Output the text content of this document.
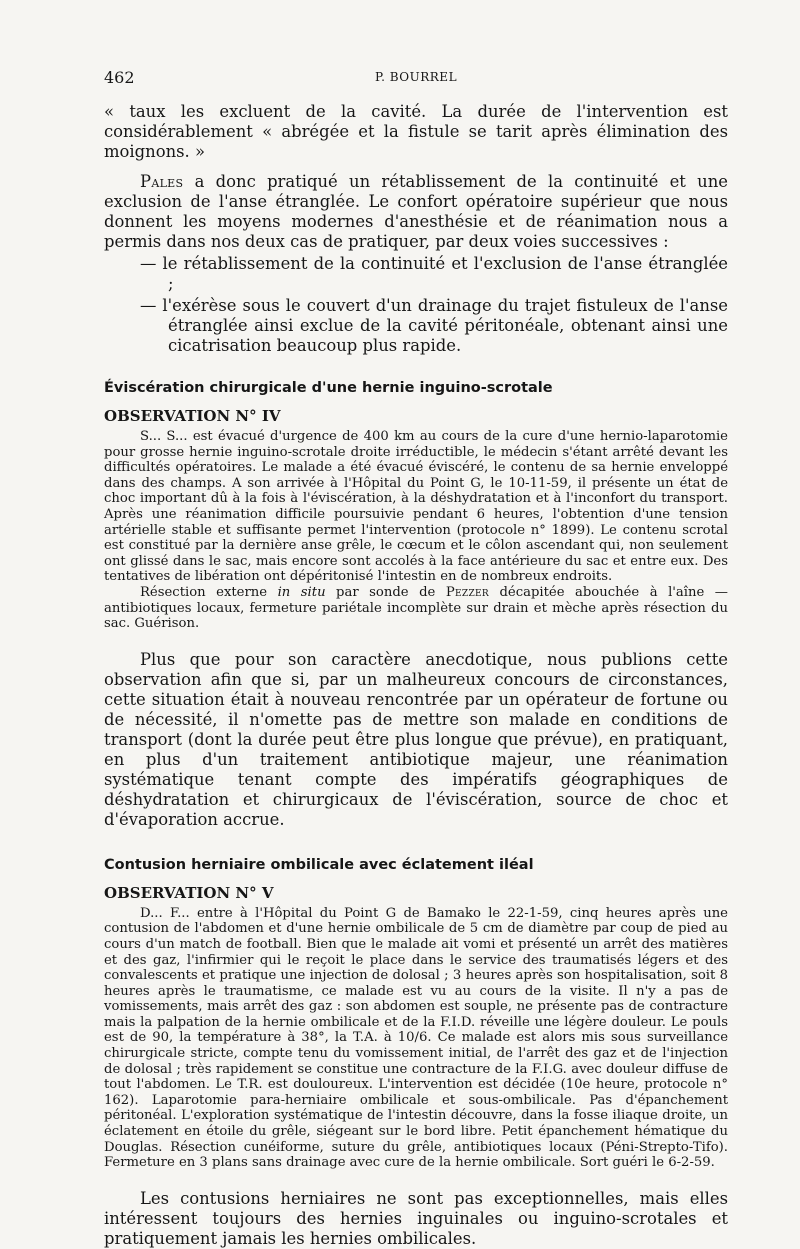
462	P. BOURREL

« taux les excluent de la cavité. La durée de l'intervention est considérablement « abrégée et la fistule se tarit après élimination des moignons. »

Pales a donc pratiqué un rétablissement de la continuité et une exclusion de l'anse étranglée. Le confort opératoire supérieur que nous donnent les moyens modernes d'anesthésie et de réanimation nous a permis dans nos deux cas de pratiquer, par deux voies successives :

— le rétablissement de la continuité et l'exclusion de l'anse étranglée ;

— l'exérèse sous le couvert d'un drainage du trajet fistuleux de l'anse étranglée ainsi exclue de la cavité péritonéale, obtenant ainsi une cicatrisation beaucoup plus rapide.

Éviscération chirurgicale d'une hernie inguino-scrotale
OBSERVATION N° IV

S... S... est évacué d'urgence de 400 km au cours de la cure d'une hernio-laparotomie pour grosse hernie inguino-scrotale droite irréductible, le médecin s'étant arrêté devant les difficultés opératoires. Le malade a été évacué éviscéré, le contenu de sa hernie enveloppé dans des champs. A son arrivée à l'Hôpital du Point G, le 10-11-59, il présente un état de choc important dû à la fois à l'éviscération, à la déshydratation et à l'inconfort du transport. Après une réanimation difficile poursuivie pendant 6 heures, l'obtention d'une tension artérielle stable et suffisante permet l'intervention (protocole n° 1899). Le contenu scrotal est constitué par la dernière anse grêle, le cœcum et le côlon ascendant qui, non seulement ont glissé dans le sac, mais encore sont accolés à la face antérieure du sac et entre eux. Des tentatives de libération ont dépéritonisé l'intestin en de nombreux endroits.

Résection externe in situ par sonde de Pezzer décapitée abouchée à l'aîne — antibiotiques locaux, fermeture pariétale incomplète sur drain et mèche après résection du sac. Guérison.

Plus que pour son caractère anecdotique, nous publions cette observation afin que si, par un malheureux concours de circonstances, cette situation était à nouveau rencontrée par un opérateur de fortune ou de nécessité, il n'omette pas de mettre son malade en conditions de transport (dont la durée peut être plus longue que prévue), en pratiquant, en plus d'un traitement antibiotique majeur, une réanimation systématique tenant compte des impératifs géographiques de déshydratation et chirurgicaux de l'éviscération, source de choc et d'évaporation accrue.

Contusion herniaire ombilicale avec éclatement iléal
OBSERVATION N° V

D... F... entre à l'Hôpital du Point G de Bamako le 22-1-59, cinq heures après une contusion de l'abdomen et d'une hernie ombilicale de 5 cm de diamètre par coup de pied au cours d'un match de football. Bien que le malade ait vomi et présenté un arrêt des matières et des gaz, l'infirmier qui le reçoit le place dans le service des traumatisés légers et des convalescents et pratique une injection de dolosal ; 3 heures après son hospitalisation, soit 8 heures après le traumatisme, ce malade est vu au cours de la visite. Il n'y a pas de vomissements, mais arrêt des gaz : son abdomen est souple, ne présente pas de contracture mais la palpation de la hernie ombilicale et de la F.I.D. réveille une légère douleur. Le pouls est de 90, la température à 38°, la T.A. à 10/6. Ce malade est alors mis sous surveillance chirurgicale stricte, compte tenu du vomissement initial, de l'arrêt des gaz et de l'injection de dolosal ; très rapidement se constitue une contracture de la F.I.G. avec douleur diffuse de tout l'abdomen. Le T.R. est douloureux. L'intervention est décidée (10e heure, protocole n° 162). Laparotomie para-herniaire ombilicale et sous-ombilicale. Pas d'épanchement péritonéal. L'exploration systématique de l'intestin découvre, dans la fosse iliaque droite, un éclatement en étoile du grêle, siégeant sur le bord libre. Petit épanchement hématique du Douglas. Résection cunéiforme, suture du grêle, antibiotiques locaux (Péni-Strepto-Tifo). Fermeture en 3 plans sans drainage avec cure de la hernie ombilicale. Sort guéri le 6-2-59.

Les contusions herniaires ne sont pas exceptionnelles, mais elles intéressent toujours des hernies inguinales ou inguino-scrotales et pratiquement jamais les hernies ombilicales.
